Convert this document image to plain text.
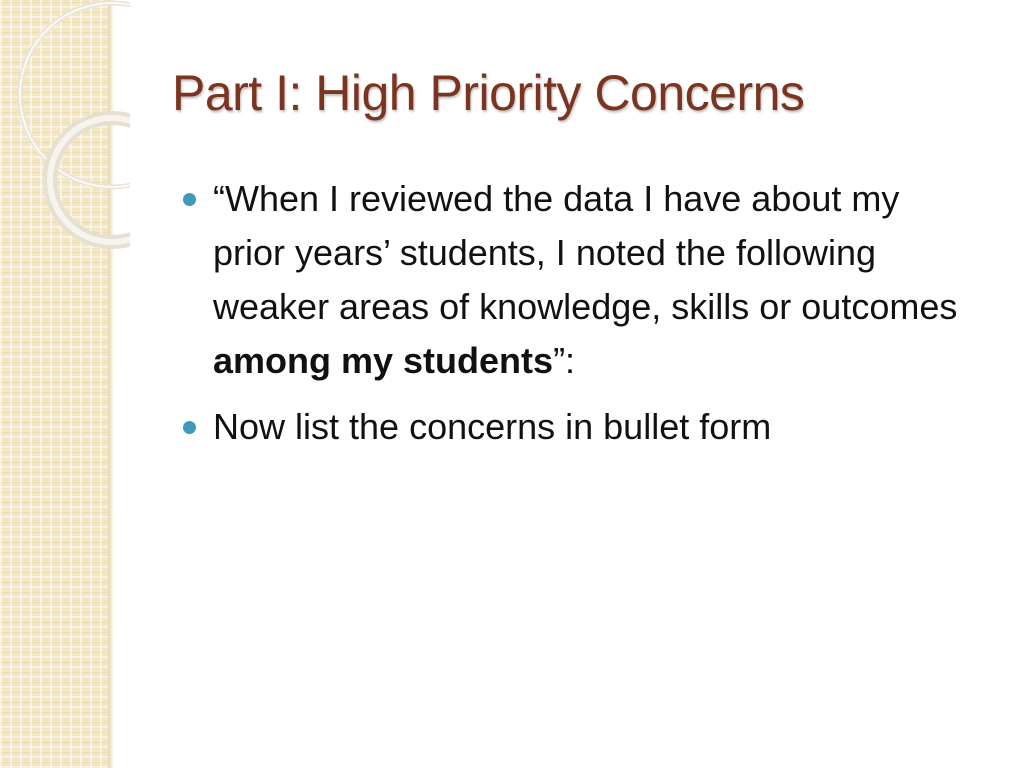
Part I: High Priority Concerns
“When I reviewed the data I have about my prior years’ students, I noted the following weaker areas of knowledge, skills or outcomes among my students”:
Now list the concerns in bullet form
